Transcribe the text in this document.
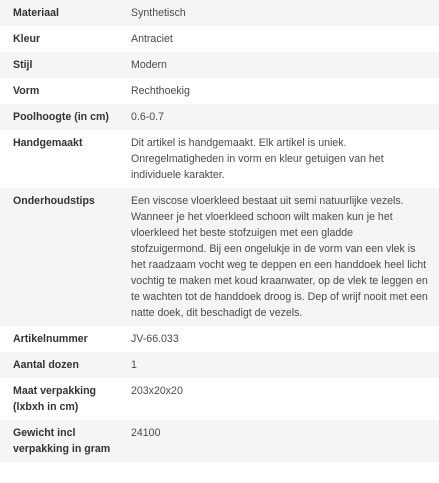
Materiaal	Synthetisch
Kleur	Antraciet
Stijl	Modern
Vorm	Rechthoekig
Poolhoogte (in cm)	0.6-0.7
Handgemaakt	Dit artikel is handgemaakt. Elk artikel is uniek. Onregelmatigheden in vorm en kleur getuigen van het individuele karakter.
Onderhoudstips	Een viscose vloerkleed bestaat uit semi natuurlijke vezels. Wanneer je het vloerkleed schoon wilt maken kun je het vloerkleed het beste stofzuigen met een gladde stofzuigermond. Bij een ongelukje in de vorm van een vlek is het raadzaam vocht weg te deppen en een handdoek heel licht vochtig te maken met koud kraanwater, op de vlek te leggen en te wachten tot de handdoek droog is. Dep of wrijf nooit met een natte doek, dit beschadigt de vezels.
Artikelnummer	JV-66.033
Aantal dozen	1
Maat verpakking (lxbxh in cm)	203x20x20
Gewicht incl verpakking in gram	24100
